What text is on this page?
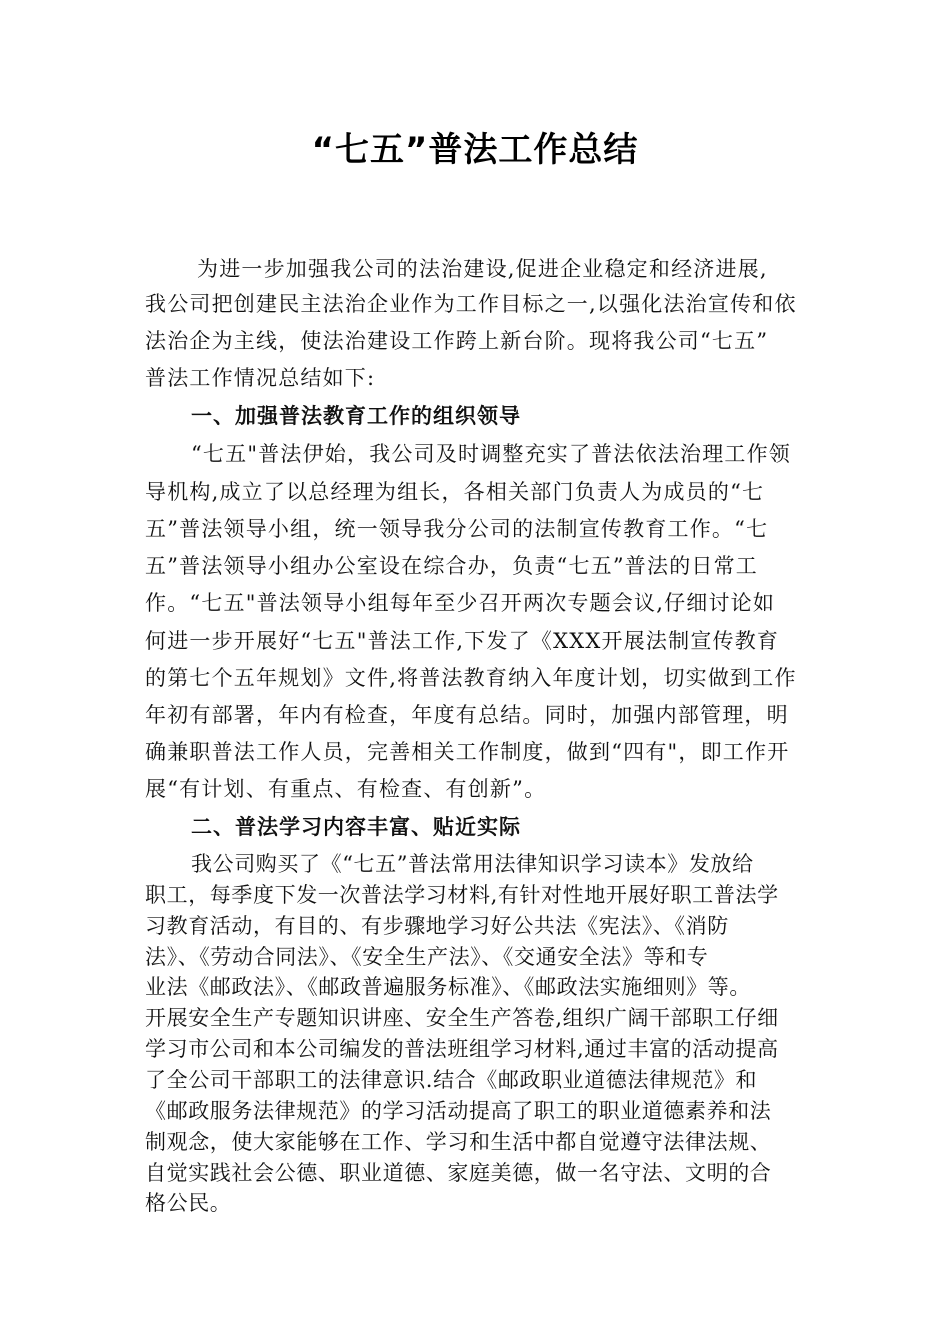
“七五”普法工作总结

为进一步加强我公司的法治建设,促进企业稳定和经济进展,

我公司把创建民主法治企业作为工作目标之一,以强化法治宣传和依

法治企为主线，使法治建设工作跨上新台阶。现将我公司“七五”

普法工作情况总结如下:

一、加强普法教育工作的组织领导

“七五"普法伊始，我公司及时调整充实了普法依法治理工作领

导机构,成立了以总经理为组长，各相关部门负责人为成员的“七

五”普法领导小组，统一领导我分公司的法制宣传教育工作。“七

五”普法领导小组办公室设在综合办，负责“七五”普法的日常工

作。“七五"普法领导小组每年至少召开两次专题会议,仔细讨论如

何进一步开展好“七五"普法工作,下发了《XXX开展法制宣传教育

的第七个五年规划》文件,将普法教育纳入年度计划，切实做到工作

年初有部署，年内有检查，年度有总结。同时，加强内部管理，明

确兼职普法工作人员，完善相关工作制度，做到“四有"，即工作开

展“有计划、有重点、有检查、有创新”。

二、普法学习内容丰富、贴近实际

我公司购买了《“七五”普法常用法律知识学习读本》发放给

职工，每季度下发一次普法学习材料,有针对性地开展好职工普法学

习教育活动，有目的、有步骤地学习好公共法《宪法》、《消防

法》、《劳动合同法》、《安全生产法》、《交通安全法》等和专

业法《邮政法》、《邮政普遍服务标准》、《邮政法实施细则》等。

开展安全生产专题知识讲座、安全生产答卷,组织广阔干部职工仔细

学习市公司和本公司编发的普法班组学习材料,通过丰富的活动提高

了全公司干部职工的法律意识.结合《邮政职业道德法律规范》和

《邮政服务法律规范》的学习活动提高了职工的职业道德素养和法

制观念，使大家能够在工作、学习和生活中都自觉遵守法律法规、

自觉实践社会公德、职业道德、家庭美德，做一名守法、文明的合

格公民。
